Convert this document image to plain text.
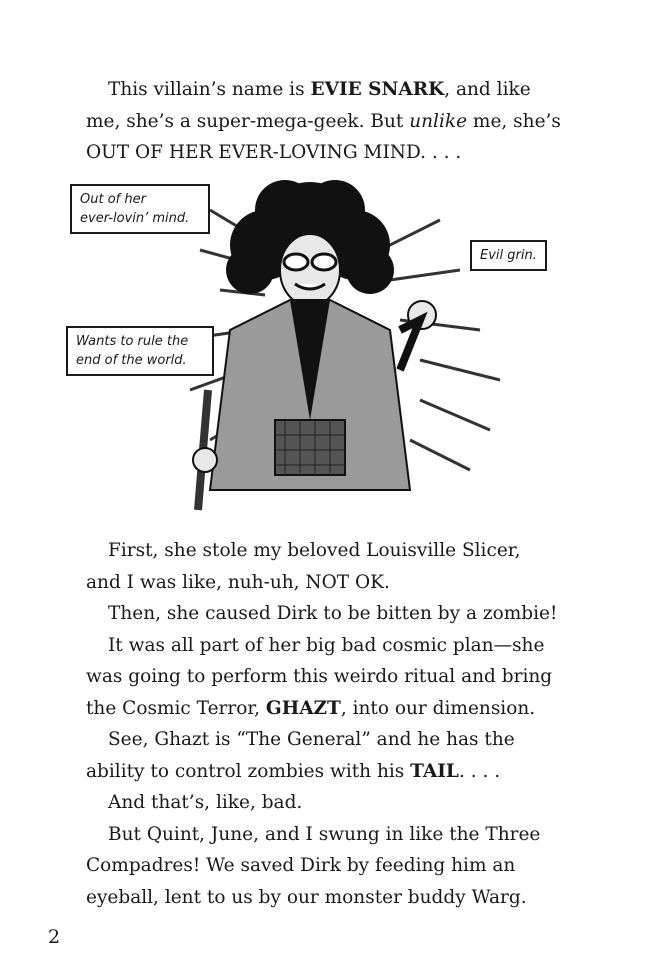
This villain’s name is EVIE SNARK, and like
me, she’s a super-mega-geek. But unlike me, she’s
OUT OF HER EVER-LOVING MIND. . . .

Out of her
ever-lovin’ mind.
Evil grin.
Wants to rule the
end of the world.

First, she stole my beloved Louisville Slicer,
and I was like, nuh-uh, NOT OK.
Then, she caused Dirk to be bitten by a zombie!
It was all part of her big bad cosmic plan—she
was going to perform this weirdo ritual and bring
the Cosmic Terror, GHAZT, into our dimension.
See, Ghazt is “The General” and he has the
ability to control zombies with his TAIL. . . .
And that’s, like, bad.
But Quint, June, and I swung in like the Three
Compadres! We saved Dirk by feeding him an
eyeball, lent to us by our monster buddy Warg.

2
